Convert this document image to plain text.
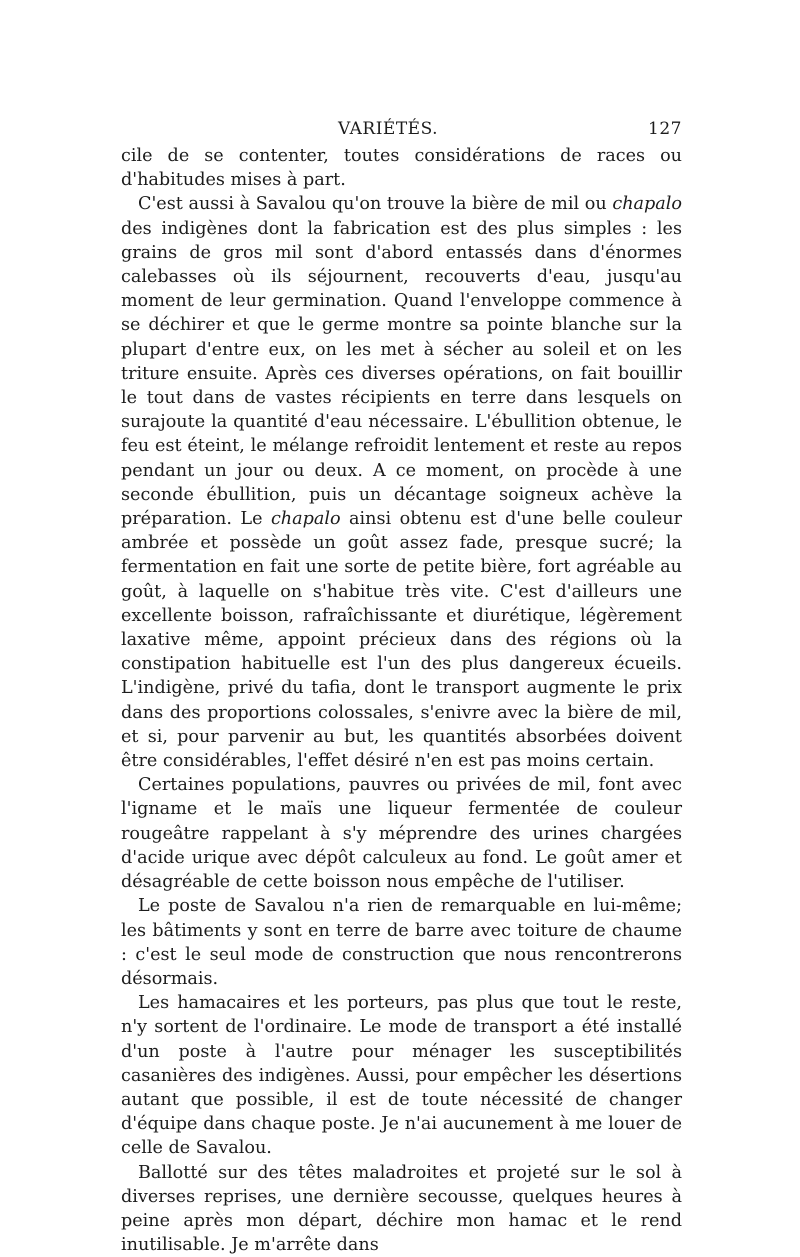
VARIÉTÉS.	127

cile de se contenter, toutes considérations de races ou d'habitudes mises à part.

C'est aussi à Savalou qu'on trouve la bière de mil ou chapalo des indigènes dont la fabrication est des plus simples : les grains de gros mil sont d'abord entassés dans d'énormes calebasses où ils séjournent, recouverts d'eau, jusqu'au moment de leur germination. Quand l'enveloppe commence à se déchirer et que le germe montre sa pointe blanche sur la plupart d'entre eux, on les met à sécher au soleil et on les triture ensuite. Après ces diverses opérations, on fait bouillir le tout dans de vastes récipients en terre dans lesquels on surajoute la quantité d'eau nécessaire. L'ébullition obtenue, le feu est éteint, le mélange refroidit lentement et reste au repos pendant un jour ou deux. A ce moment, on procède à une seconde ébullition, puis un décantage soigneux achève la préparation. Le chapalo ainsi obtenu est d'une belle couleur ambrée et possède un goût assez fade, presque sucré; la fermentation en fait une sorte de petite bière, fort agréable au goût, à laquelle on s'habitue très vite. C'est d'ailleurs une excellente boisson, rafraîchissante et diurétique, légèrement laxative même, appoint précieux dans des régions où la constipation habituelle est l'un des plus dangereux écueils. L'indigène, privé du tafia, dont le transport augmente le prix dans des proportions colossales, s'enivre avec la bière de mil, et si, pour parvenir au but, les quantités absorbées doivent être considérables, l'effet désiré n'en est pas moins certain.

Certaines populations, pauvres ou privées de mil, font avec l'igname et le maïs une liqueur fermentée de couleur rougeâtre rappelant à s'y méprendre des urines chargées d'acide urique avec dépôt calculeux au fond. Le goût amer et désagréable de cette boisson nous empêche de l'utiliser.

Le poste de Savalou n'a rien de remarquable en lui-même; les bâtiments y sont en terre de barre avec toiture de chaume : c'est le seul mode de construction que nous rencontrerons désormais.

Les hamacaires et les porteurs, pas plus que tout le reste, n'y sortent de l'ordinaire. Le mode de transport a été installé d'un poste à l'autre pour ménager les susceptibilités casanières des indigènes. Aussi, pour empêcher les désertions autant que possible, il est de toute nécessité de changer d'équipe dans chaque poste. Je n'ai aucunement à me louer de celle de Savalou.

Ballotté sur des têtes maladroites et projeté sur le sol à diverses reprises, une dernière secousse, quelques heures à peine après mon départ, déchire mon hamac et le rend inutilisable. Je m'arrête dans
